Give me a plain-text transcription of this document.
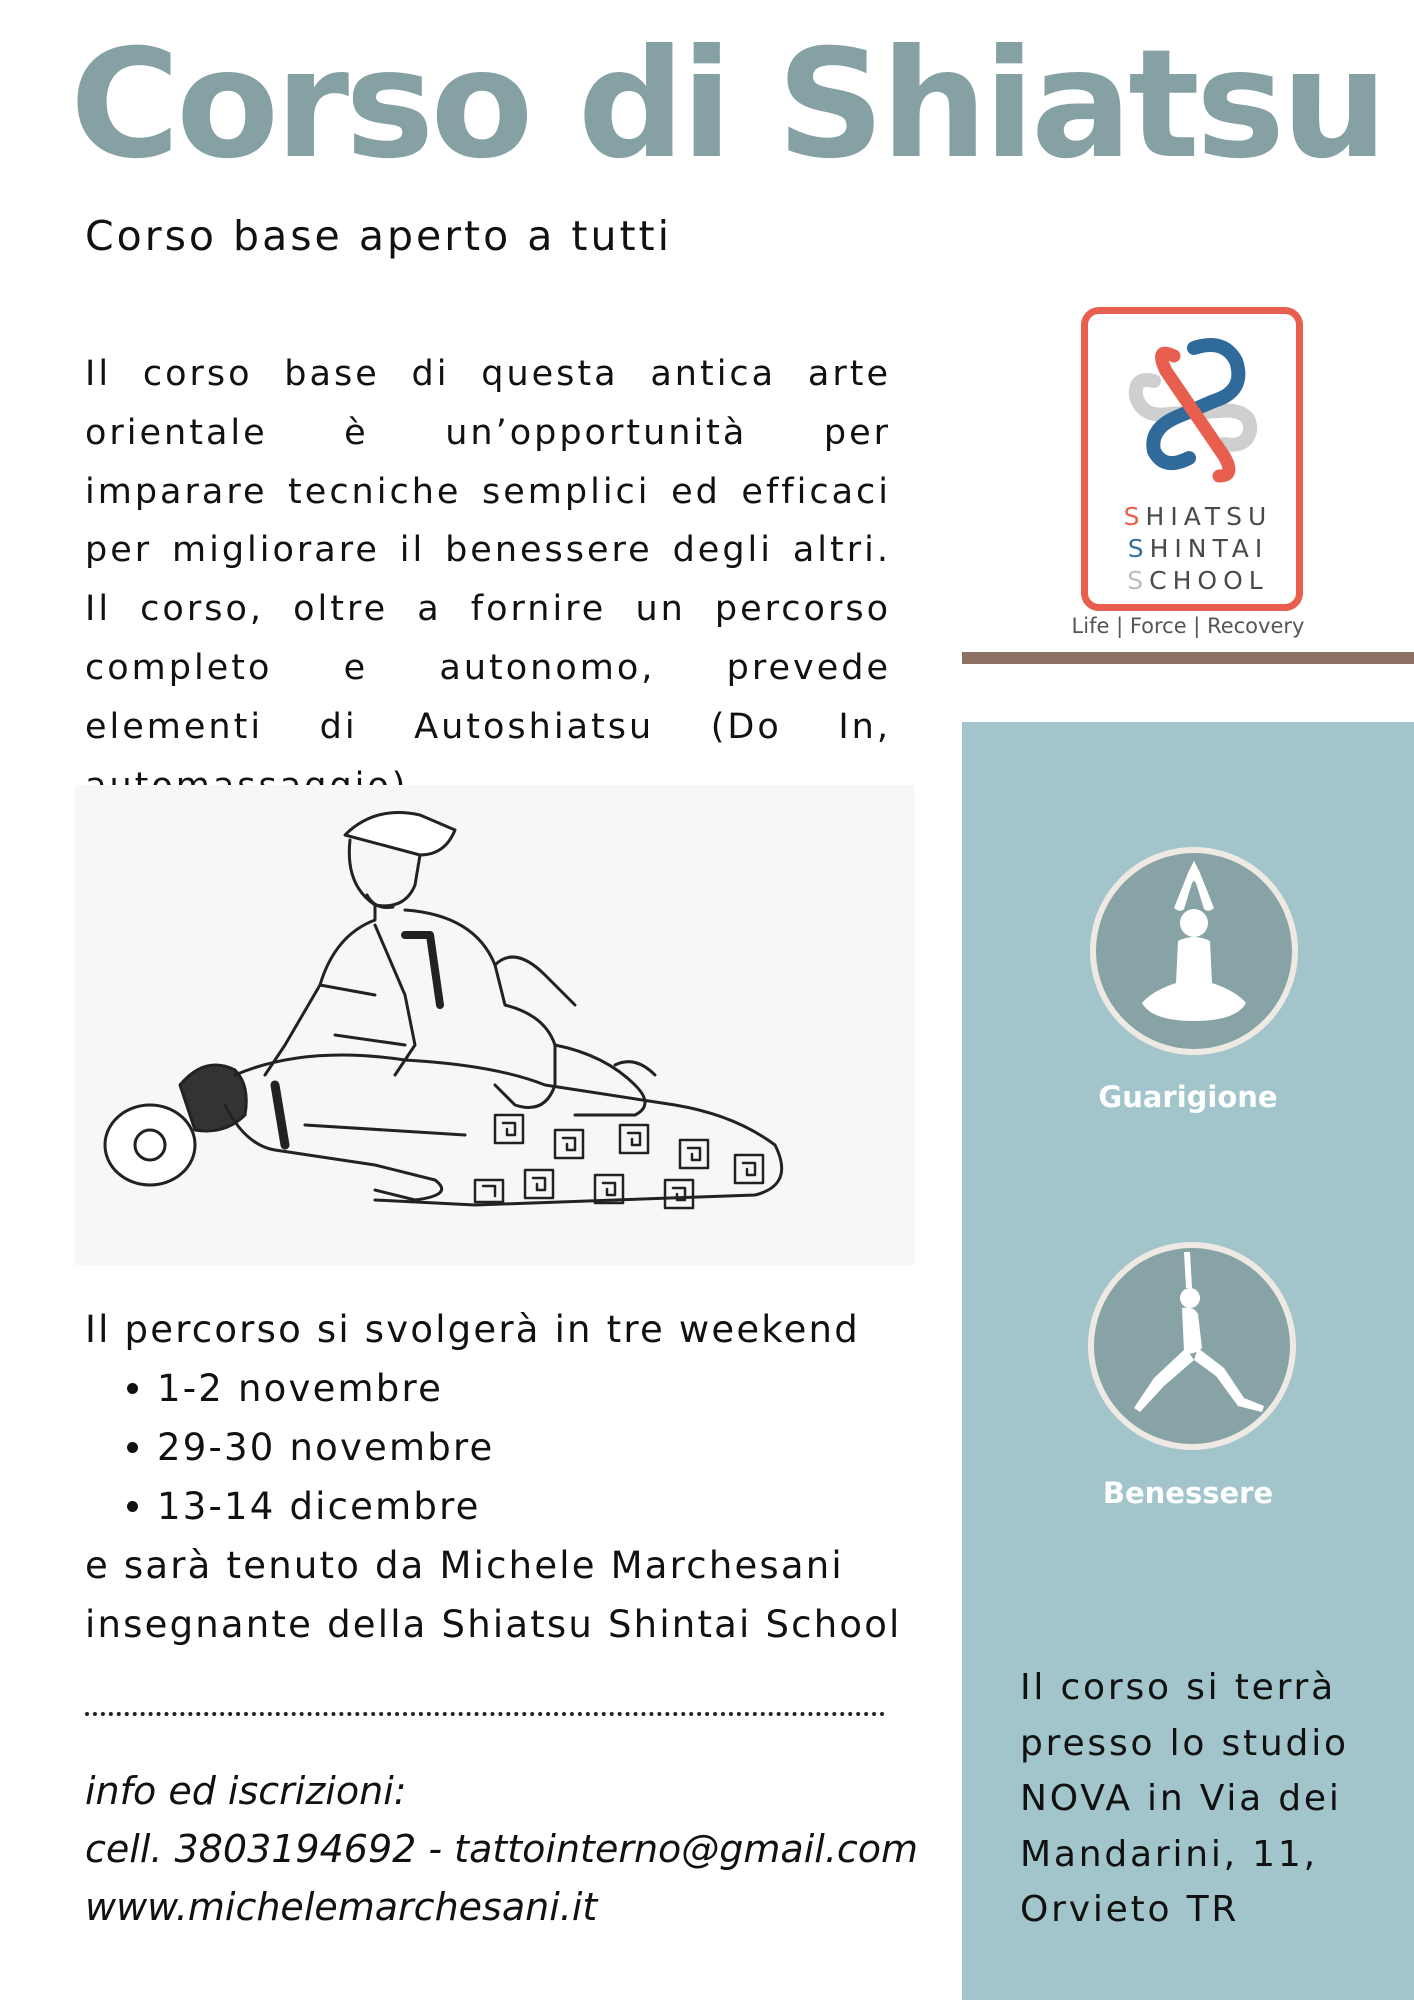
Corso di Shiatsu
Corso base aperto a tutti

Il corso base di questa antica arte orientale è un’opportunità per imparare tecniche semplici ed efficaci per migliorare il benessere degli altri. Il corso, oltre a fornire un percorso completo e autonomo, prevede elementi di Autoshiatsu (Do In,

Il percorso si svolgerà in tre weekend
1-2 novembre
29-30 novembre
13-14 dicembre
e sarà tenuto da Michele Marchesani
insegnante della Shiatsu Shintai School
info ed iscrizioni:
cell. 3803194692 - tattointerno@gmail.com
www.michelemarchesani.it
SHIATSU
SHINTAI
SCHOOL
Life | Force | Recovery
Guarigione
Benessere
Il corso si terrà
presso lo studio
NOVA in Via dei
Mandarini, 11,
Orvieto TR
